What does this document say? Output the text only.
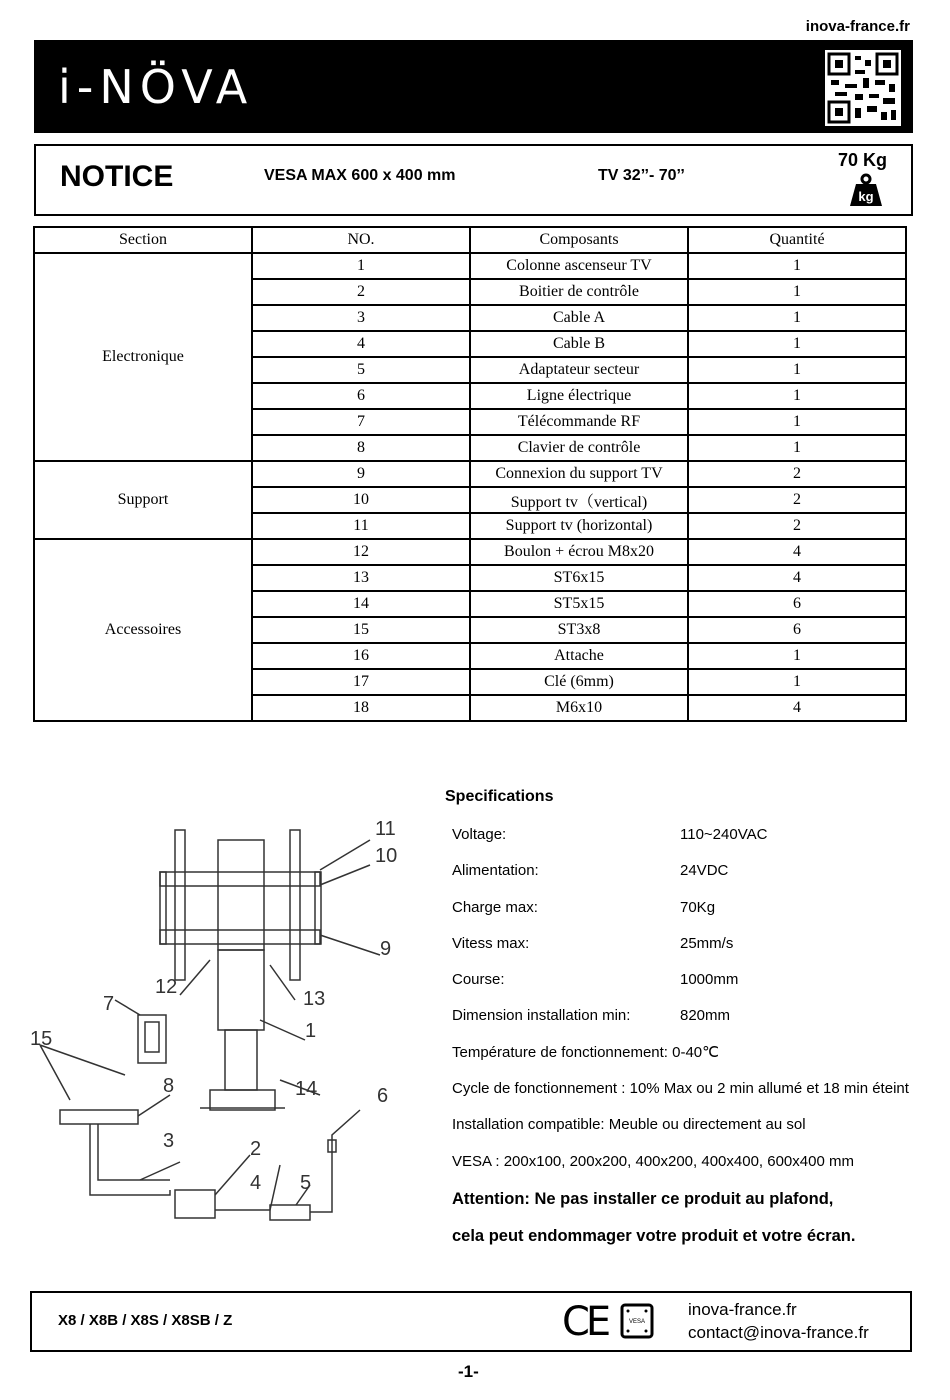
inova-france.fr
i-NÖVA
NOTICE	VESA MAX 600 x 400 mm	TV 32’’- 70’’
70 Kg
kg
Section	NO.	Composants	Quantité
Electronique	1	Colonne ascenseur TV	1
	2	Boitier de contrôle	1
	3	Cable A	1
	4	Cable B	1
	5	Adaptateur secteur	1
	6	Ligne électrique	1
	7	Télécommande RF	1
	8	Clavier de contrôle	1
Support	9	Connexion du support TV	2
	10	Support tv（vertical)	2
	11	Support tv (horizontal)	2
Accessoires	12	Boulon + écrou M8x20	4
	13	ST6x15	4
	14	ST5x15	6
	15	ST3x8	6
	16	Attache	1
	17	Clé (6mm)	1
	18	M6x10	4
11
10
9
12
13
1
7
15
8	14	6
3	2
4 5
Specifications
Voltage:	110~240VAC
Alimentation:	24VDC
Charge max:	70Kg
Vitess max:	25mm/s
Course:	1000mm
Dimension installation min:	820mm
Température de fonctionnement: 0-40℃
Cycle de fonctionnement : 10% Max ou 2 min allumé et 18 min éteint
Installation compatible: Meuble ou directement au sol
VESA : 200x100, 200x200, 400x200, 400x400, 600x400 mm
Attention: Ne pas installer ce produit au plafond,
cela peut endommager votre produit et votre écran.
X8 / X8B / X8S / X8SB / Z	CE	VESA
inova-france.fr
contact@inova-france.fr
-1-
